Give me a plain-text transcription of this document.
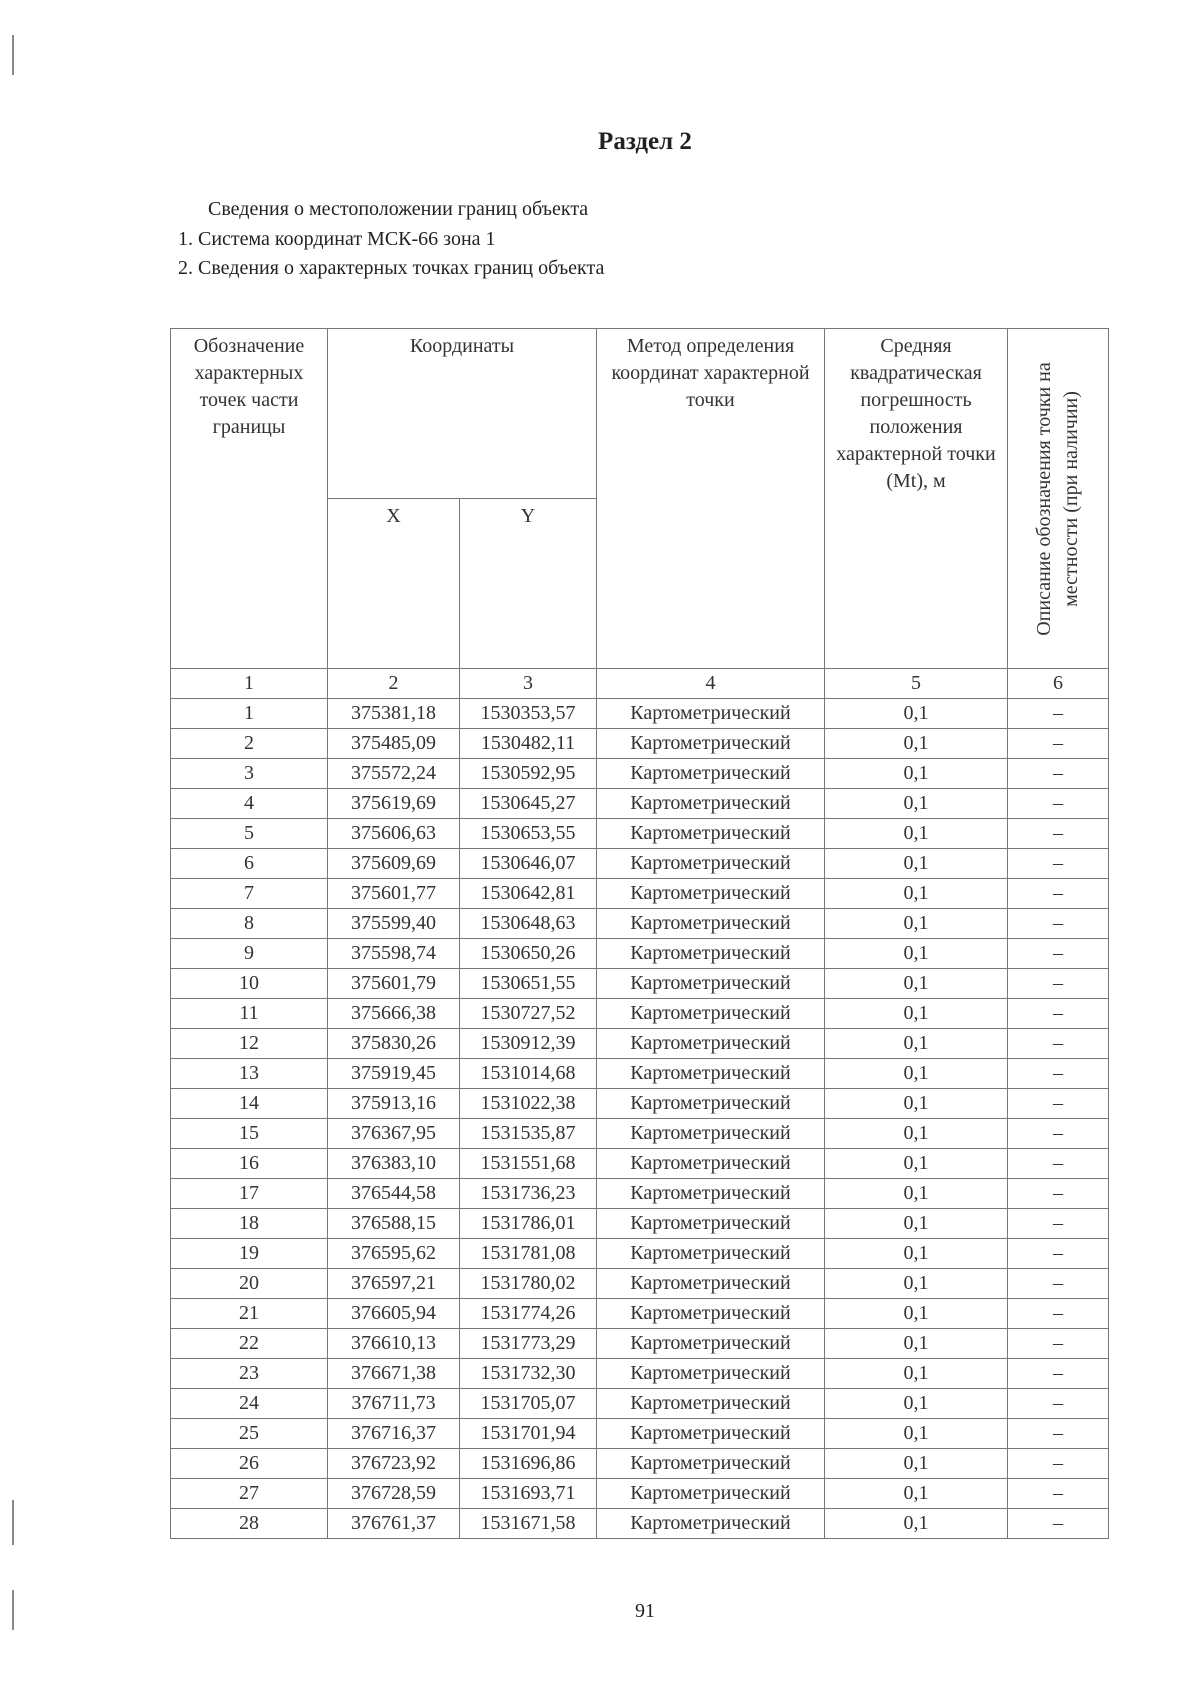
Раздел 2
Сведения о местоположении границ объекта
1. Система координат МСК-66 зона 1
2. Сведения о характерных точках границ объекта
Обозначение характерных точек части границы	Координаты		Метод определения координат характерной точки	Средняя квадратическая погрешность положения характерной точки (Mt), м	Описание обозначения точки на местности (при наличии)

	X	Y			
1	2	3	4	5	6
1	375381,18	1530353,57	Картометрический	0,1	–
2	375485,09	1530482,11	Картометрический	0,1	–
3	375572,24	1530592,95	Картометрический	0,1	–
4	375619,69	1530645,27	Картометрический	0,1	–
5	375606,63	1530653,55	Картометрический	0,1	–
6	375609,69	1530646,07	Картометрический	0,1	–
7	375601,77	1530642,81	Картометрический	0,1	–
8	375599,40	1530648,63	Картометрический	0,1	–
9	375598,74	1530650,26	Картометрический	0,1	–
10	375601,79	1530651,55	Картометрический	0,1	–
11	375666,38	1530727,52	Картометрический	0,1	–
12	375830,26	1530912,39	Картометрический	0,1	–
13	375919,45	1531014,68	Картометрический	0,1	–
14	375913,16	1531022,38	Картометрический	0,1	–
15	376367,95	1531535,87	Картометрический	0,1	–
16	376383,10	1531551,68	Картометрический	0,1	–
17	376544,58	1531736,23	Картометрический	0,1	–
18	376588,15	1531786,01	Картометрический	0,1	–
19	376595,62	1531781,08	Картометрический	0,1	–
20	376597,21	1531780,02	Картометрический	0,1	–
21	376605,94	1531774,26	Картометрический	0,1	–
22	376610,13	1531773,29	Картометрический	0,1	–
23	376671,38	1531732,30	Картометрический	0,1	–
24	376711,73	1531705,07	Картометрический	0,1	–
25	376716,37	1531701,94	Картометрический	0,1	–
26	376723,92	1531696,86	Картометрический	0,1	–
27	376728,59	1531693,71	Картометрический	0,1	–
28	376761,37	1531671,58	Картометрический	0,1	–
91
